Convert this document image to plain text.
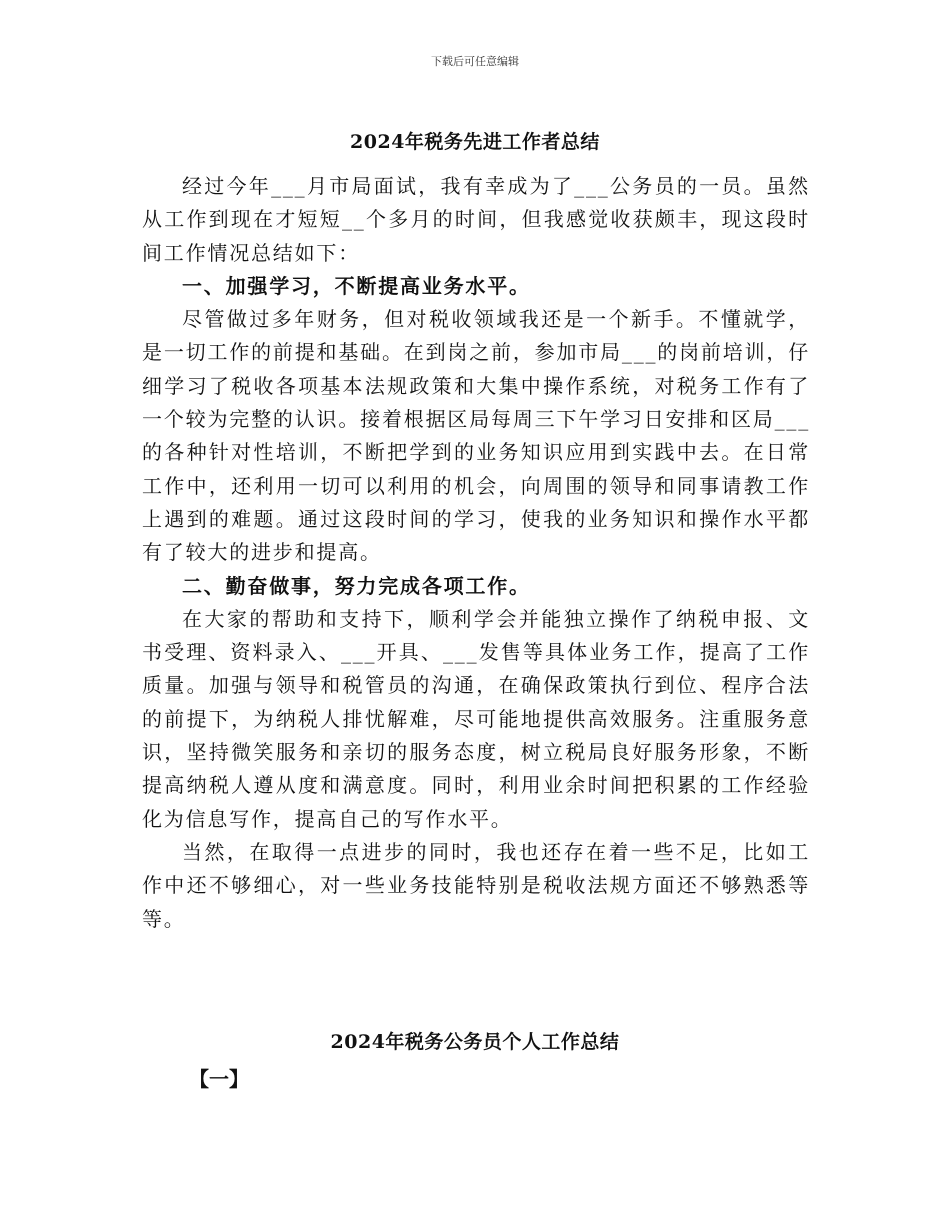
下载后可任意编辑
2024年税务先进工作者总结

经过今年___月市局面试，我有幸成为了___公务员的一员。虽然从工作到现在才短短__个多月的时间，但我感觉收获颇丰，现这段时间工作情况总结如下：

一、加强学习，不断提高业务水平。

尽管做过多年财务，但对税收领域我还是一个新手。不懂就学，是一切工作的前提和基础。在到岗之前，参加市局___的岗前培训，仔细学习了税收各项基本法规政策和大集中操作系统，对税务工作有了一个较为完整的认识。接着根据区局每周三下午学习日安排和区局___的各种针对性培训，不断把学到的业务知识应用到实践中去。在日常工作中，还利用一切可以利用的机会，向周围的领导和同事请教工作上遇到的难题。通过这段时间的学习，使我的业务知识和操作水平都有了较大的进步和提高。

二、勤奋做事，努力完成各项工作。

在大家的帮助和支持下，顺利学会并能独立操作了纳税申报、文书受理、资料录入、___开具、___发售等具体业务工作，提高了工作质量。加强与领导和税管员的沟通，在确保政策执行到位、程序合法的前提下，为纳税人排忧解难，尽可能地提供高效服务。注重服务意识，坚持微笑服务和亲切的服务态度，树立税局良好服务形象，不断提高纳税人遵从度和满意度。同时，利用业余时间把积累的工作经验化为信息写作，提高自己的写作水平。

当然，在取得一点进步的同时，我也还存在着一些不足，比如工作中还不够细心，对一些业务技能特别是税收法规方面还不够熟悉等等。

2024年税务公务员个人工作总结
【一】
